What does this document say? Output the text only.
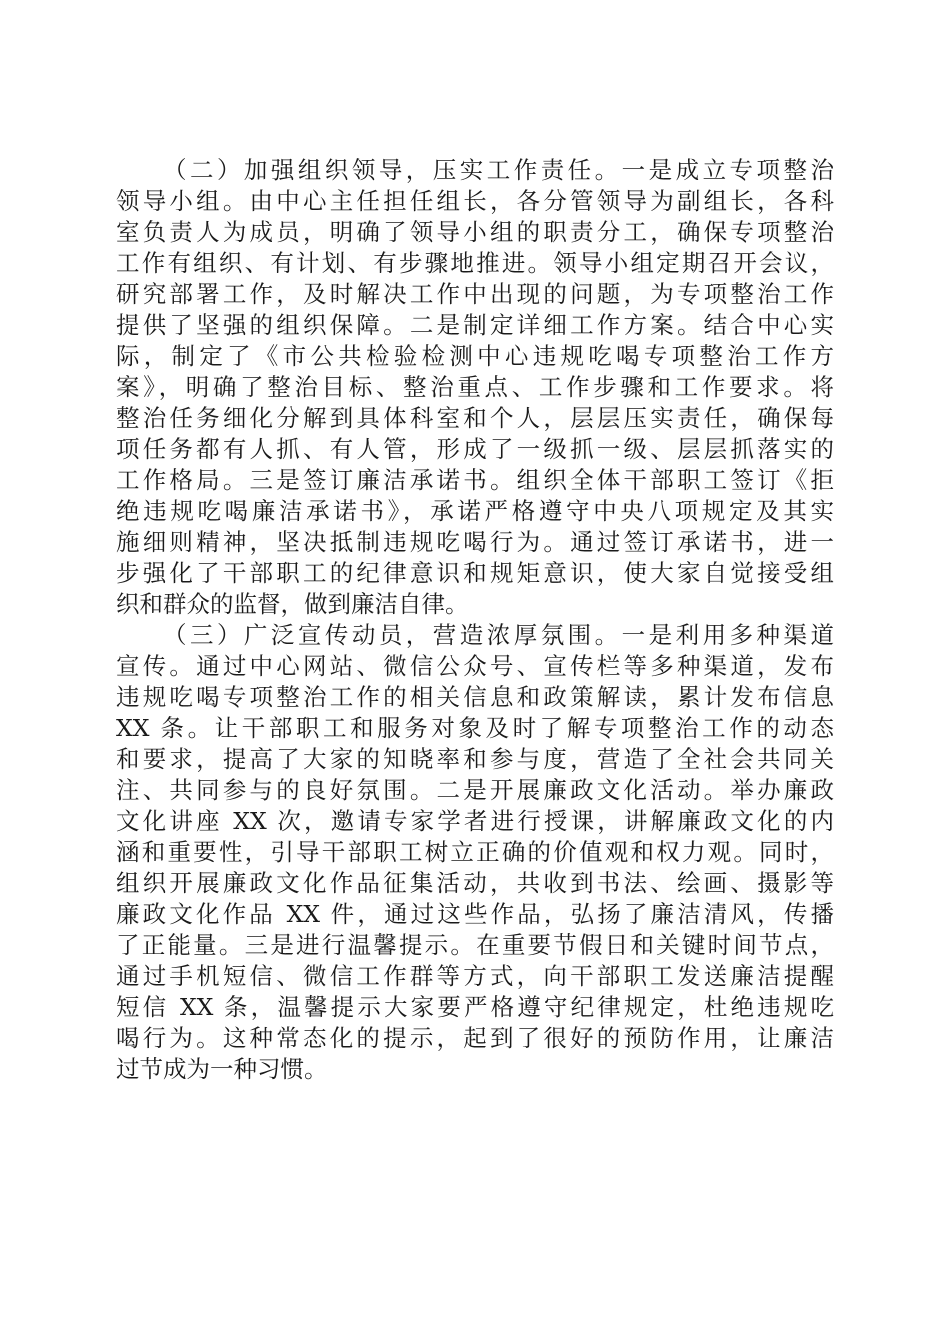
（二）加强组织领导，压实工作责任。一是成立专项整治
领导小组。由中心主任担任组长，各分管领导为副组长，各科
室负责人为成员，明确了领导小组的职责分工，确保专项整治
工作有组织、有计划、有步骤地推进。领导小组定期召开会议，
研究部署工作，及时解决工作中出现的问题，为专项整治工作
提供了坚强的组织保障。二是制定详细工作方案。结合中心实
际，制定了《市公共检验检测中心违规吃喝专项整治工作方
案》，明确了整治目标、整治重点、工作步骤和工作要求。将
整治任务细化分解到具体科室和个人，层层压实责任，确保每
项任务都有人抓、有人管，形成了一级抓一级、层层抓落实的
工作格局。三是签订廉洁承诺书。组织全体干部职工签订《拒
绝违规吃喝廉洁承诺书》，承诺严格遵守中央八项规定及其实
施细则精神，坚决抵制违规吃喝行为。通过签订承诺书，进一
步强化了干部职工的纪律意识和规矩意识，使大家自觉接受组
织和群众的监督，做到廉洁自律。
（三）广泛宣传动员，营造浓厚氛围。一是利用多种渠道
宣传。通过中心网站、微信公众号、宣传栏等多种渠道，发布
违规吃喝专项整治工作的相关信息和政策解读，累计发布信息
XX 条。让干部职工和服务对象及时了解专项整治工作的动态
和要求，提高了大家的知晓率和参与度，营造了全社会共同关
注、共同参与的良好氛围。二是开展廉政文化活动。举办廉政
文化讲座 XX 次，邀请专家学者进行授课，讲解廉政文化的内
涵和重要性，引导干部职工树立正确的价值观和权力观。同时，
组织开展廉政文化作品征集活动，共收到书法、绘画、摄影等
廉政文化作品 XX 件，通过这些作品，弘扬了廉洁清风，传播
了正能量。三是进行温馨提示。在重要节假日和关键时间节点，
通过手机短信、微信工作群等方式，向干部职工发送廉洁提醒
短信 XX 条，温馨提示大家要严格遵守纪律规定，杜绝违规吃
喝行为。这种常态化的提示，起到了很好的预防作用，让廉洁
过节成为一种习惯。
